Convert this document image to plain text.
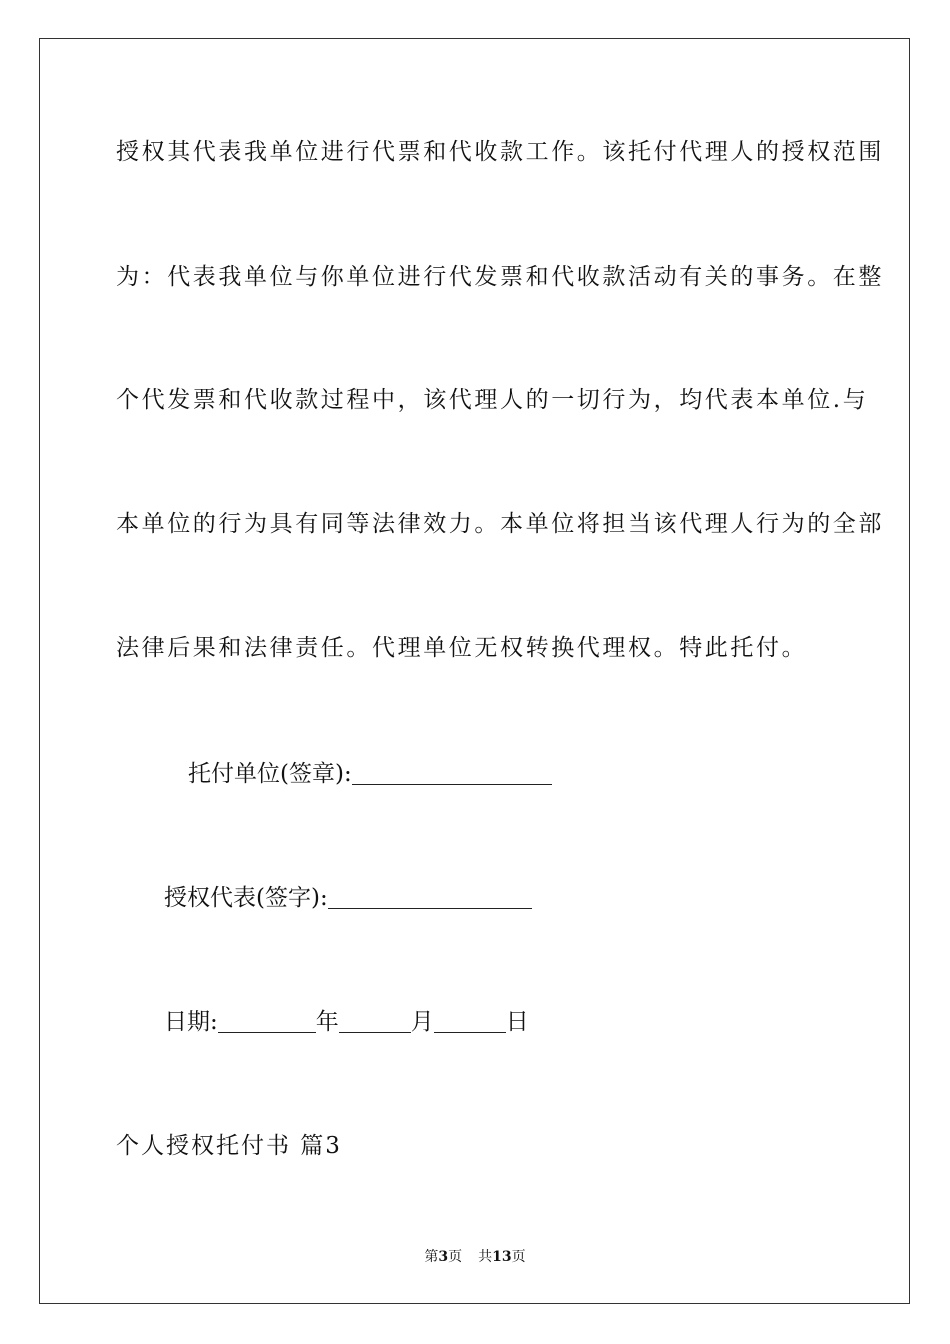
授权其代表我单位进行代票和代收款工作。该托付代理人的授权范围
为：代表我单位与你单位进行代发票和代收款活动有关的事务。在整
个代发票和代收款过程中，该代理人的一切行为，均代表本单位.与
本单位的行为具有同等法律效力。本单位将担当该代理人行为的全部
法律后果和法律责任。代理单位无权转换代理权。特此托付。
托付单位(签章):
授权代表(签字):
日期:	年	月	日
个人授权托付书 篇3
第3页 共13页
